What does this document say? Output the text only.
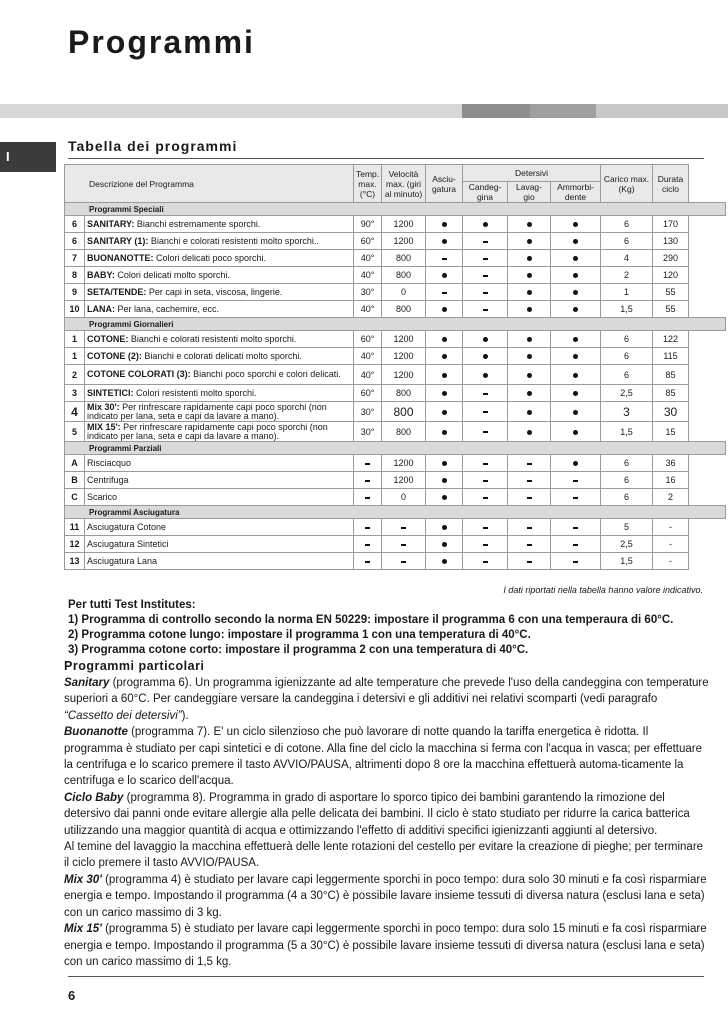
Programmi
I
Tabella dei programmi
Descrizione del Programma		Temp. max. (°C)	Velocità max. (giri al minuto)	Asciu- gatura	Detersivi			Carico max. (Kg)	Durata ciclo
					Candeg- gina	Lavag- gio	Ammorbi- dente		
Programmi Speciali									
6	SANITARY: Bianchi estremamente sporchi.	90°	1200					6	170
6	SANITARY (1): Bianchi e colorati resistenti molto sporchi..	60°	1200					6	130
7	BUONANOTTE: Colori delicati poco sporchi.	40°	800					4	290
8	BABY: Colori delicati molto sporchi.	40°	800					2	120
9	SETA/TENDE: Per capi in seta, viscosa, lingerie.	30°	0					1	55
10	LANA: Per lana, cachemire, ecc.	40°	800					1,5	55
Programmi Giornalieri									
1	COTONE: Bianchi e colorati resistenti molto sporchi.	60°	1200					6	122
1	COTONE (2): Bianchi e colorati delicati molto sporchi.	40°	1200					6	115
2	COTONE COLORATI (3): Bianchi poco sporchi e colori delicati.	40°	1200					6	85
3	SINTETICI: Colori resistenti molto sporchi.	60°	800					2,5	85
4	Mix 30': Per rinfrescare rapidamente capi poco sporchi (non indicato per lana, seta e capi da lavare a mano).	30°	800					3	30
5	MIX 15': Per rinfrescare rapidamente capi poco sporchi (non indicato per lana, seta e capi da lavare a mano).	30°	800					1,5	15
Programmi Parziali									
A	Risciacquo		1200					6	36
B	Centrifuga		1200					6	16
C	Scarico		0					6	2
Programmi Asciugatura									
11	Asciugatura Cotone							5	-
12	Asciugatura Sintetici							2,5	-
13	Asciugatura Lana							1,5	-

I dati riportati nella tabella hanno valore indicativo.

Per tutti Test Institutes:
1) Programma di controllo secondo la norma EN 50229: impostare il programma 6 con una temperaura di 60°C.
2) Programma cotone lungo: impostare il programma 1 con una temperatura di 40°C.
3) Programma cotone corto: impostare il programma 2 con una temperatura di 40°C.
Programmi particolari

Sanitary (programma 6). Un programma igienizzante ad alte temperature che prevede l'uso della candeggina con temperature superiori a 60°C. Per candeggiare versare la candeggina i detersivi e gli additivi nei relativi scomparti (vedi paragrafo “Cassetto dei detersivi”).

Buonanotte (programma 7). E' un ciclo silenzioso che può lavorare di notte quando la tariffa energetica è ridotta. Il programma è studiato per capi sintetici e di cotone. Alla fine del ciclo la macchina si ferma con l'acqua in vasca; per effettuare la centrifuga e lo scarico premere il tasto AVVIO/PAUSA, altrimenti dopo 8 ore la macchina effettuerà automa-ticamente la centrifuga e lo scarico dell'acqua.

Ciclo Baby (programma 8). Programma in grado di asportare lo sporco tipico dei bambini garantendo la rimozione del detersivo dai panni onde evitare allergie alla pelle delicata dei bambini. Il ciclo è stato studiato per ridurre la carica batterica utilizzando una maggior quantità di acqua e ottimizzando l'effetto di additivi specifici igienizzanti aggiunti al detersivo.

Al temine del lavaggio la macchina effettuerà delle lente rotazioni del cestello per evitare la creazione di pieghe; per terminare il ciclo premere il tasto AVVIO/PAUSA.

Mix 30' (programma 4) è studiato per lavare capi leggermente sporchi in poco tempo: dura solo 30 minuti e fa così risparmiare energia e tempo. Impostando il programma (4 a 30°C) è possibile lavare insieme tessuti di diversa natura (esclusi lana e seta) con un carico massimo di 3 kg.

Mix 15' (programma 5) è studiato per lavare capi leggermente sporchi in poco tempo: dura solo 15 minuti e fa così risparmiare energia e tempo. Impostando il programma (5 a 30°C) è possibile lavare insieme tessuti di diversa natura (esclusi lana e seta) con un carico massimo di 1,5 kg.

6
